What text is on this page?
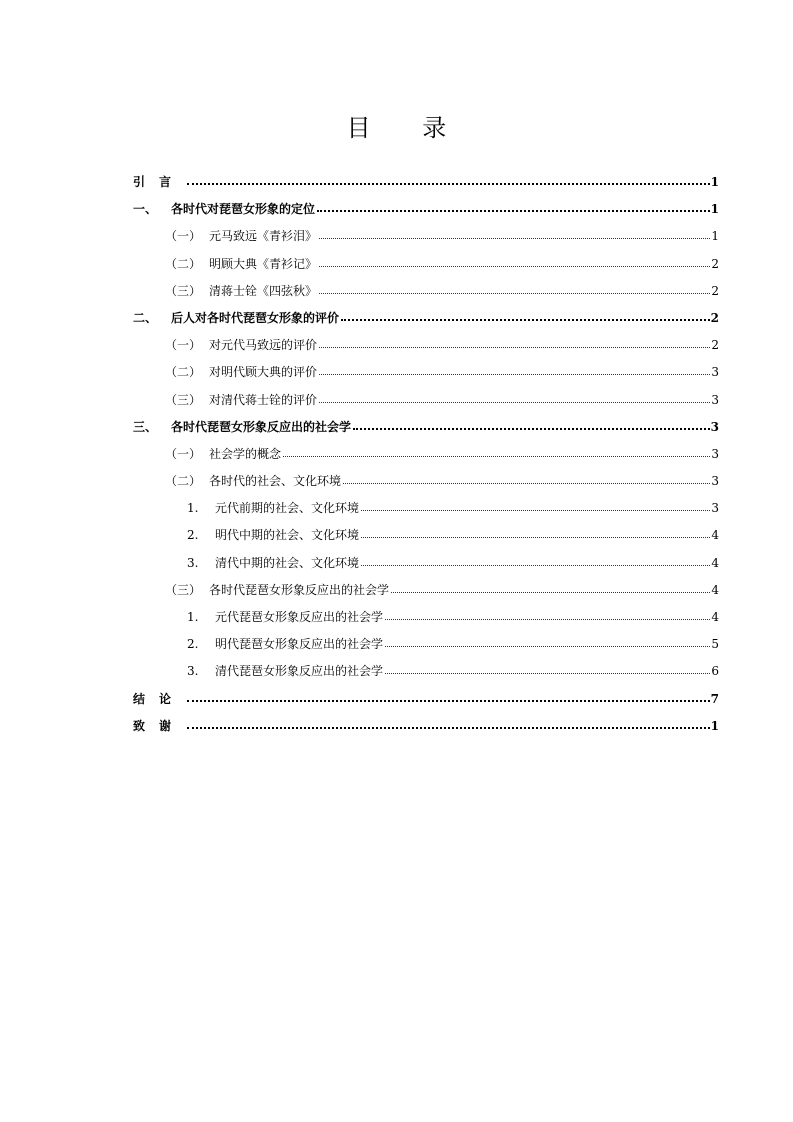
目 录
引言	1
一、	各时代对琵琶女形象的定位	1
（一） 元马致远《青衫泪》	1
（二） 明顾大典《青衫记》	2
（三） 清蒋士铨《四弦秋》	2
二、	后人对各时代琵琶女形象的评价	2
（一） 对元代马致远的评价	2
（二） 对明代顾大典的评价	3
（三） 对清代蒋士铨的评价	3
三、	各时代琵琶女形象反应出的社会学	3
（一） 社会学的概念	3
（二） 各时代的社会、文化环境	3
1.	元代前期的社会、文化环境	3
2.	明代中期的社会、文化环境	4
3.	清代中期的社会、文化环境	4
（三） 各时代琵琶女形象反应出的社会学	4
1.	元代琵琶女形象反应出的社会学	4
2.	明代琵琶女形象反应出的社会学	5
3.	清代琵琶女形象反应出的社会学	6
结论	7
致谢	1
